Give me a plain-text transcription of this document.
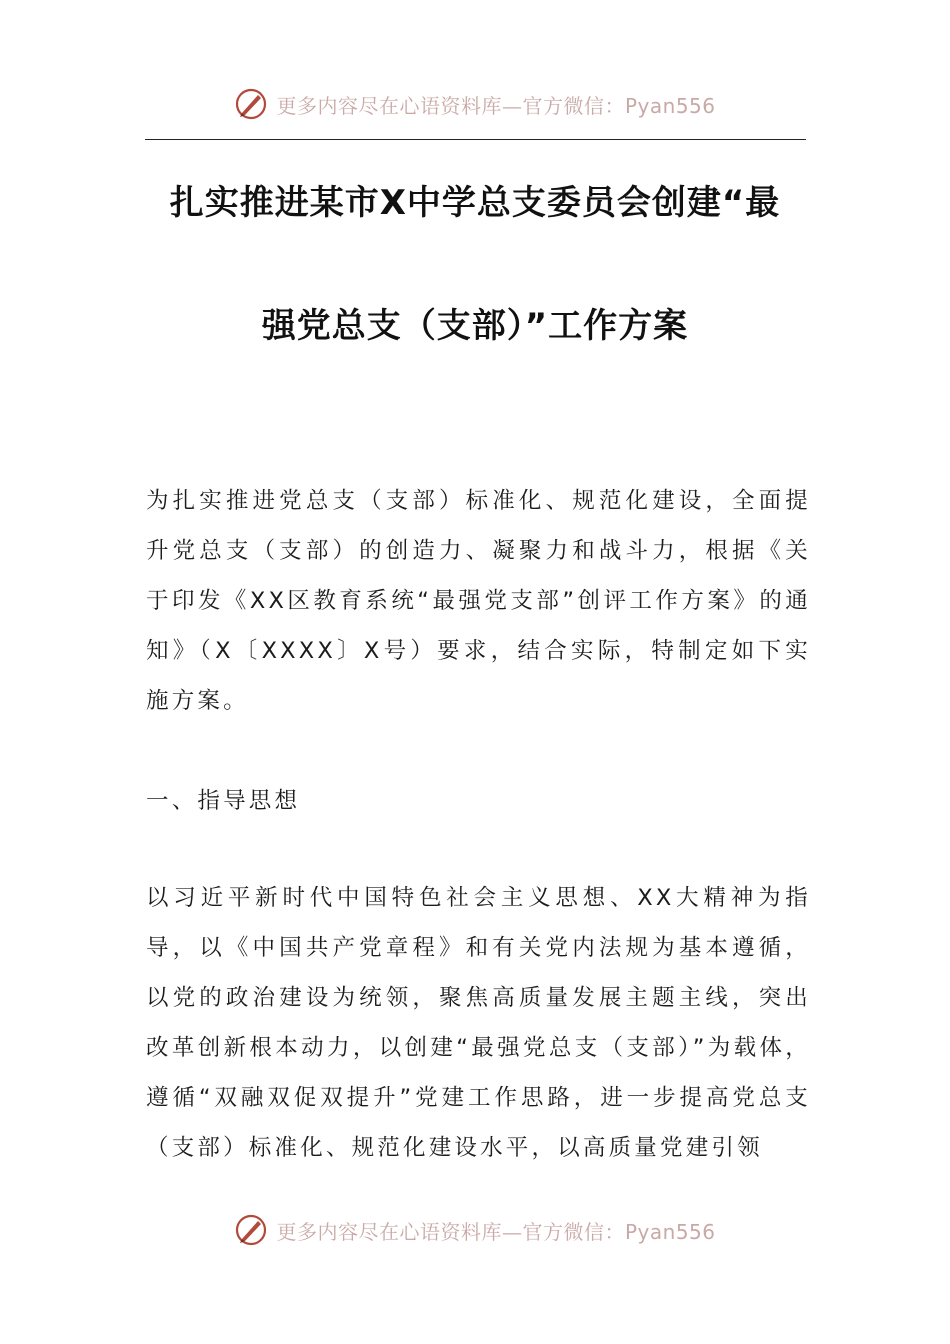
更多内容尽在心语资料库—官方微信：Pyan556
扎实推进某市X中学总支委员会创建“最
强党总支（支部）”工作方案

为扎实推进党总支（支部）标准化、规范化建设，全面提升党总支（支部）的创造力、凝聚力和战斗力，根据《关于印发《XX区教育系统“最强党支部”创评工作方案》的通知》（X〔XXXX〕X号）要求，结合实际，特制定如下实施方案。

一、指导思想

以习近平新时代中国特色社会主义思想、XX大精神为指导，以《中国共产党章程》和有关党内法规为基本遵循，以党的政治建设为统领，聚焦高质量发展主题主线，突出改革创新根本动力，以创建“最强党总支（支部）”为载体，遵循“双融双促双提升”党建工作思路，进一步提高党总支（支部）标准化、规范化建设水平，以高质量党建引领

更多内容尽在心语资料库—官方微信：Pyan556
